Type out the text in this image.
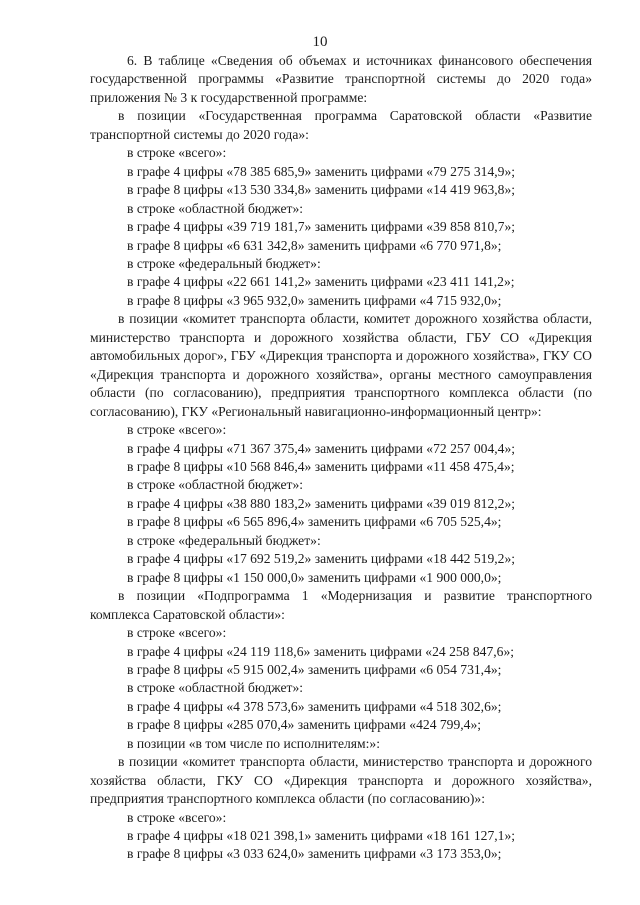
10

6. В таблице «Сведения об объемах и источниках финансового обеспечения государственной программы «Развитие транспортной системы до 2020 года» приложения № 3 к государственной программе:

в позиции «Государственная программа Саратовской области «Развитие транспортной системы до 2020 года»:

в строке «всего»:

в графе 4 цифры «78 385 685,9» заменить цифрами «79 275 314,9»;

в графе 8 цифры «13 530 334,8» заменить цифрами «14 419 963,8»;

в строке «областной бюджет»:

в графе 4 цифры «39 719 181,7» заменить цифрами «39 858 810,7»;

в графе 8 цифры «6 631 342,8» заменить цифрами «6 770 971,8»;

в строке «федеральный бюджет»:

в графе 4 цифры «22 661 141,2» заменить цифрами «23 411 141,2»;

в графе 8 цифры «3 965 932,0» заменить цифрами «4 715 932,0»;

в позиции «комитет транспорта области, комитет дорожного хозяйства области, министерство транспорта и дорожного хозяйства области, ГБУ СО «Дирекция автомобильных дорог», ГБУ «Дирекция транспорта и дорожного хозяйства», ГКУ СО «Дирекция транспорта и дорожного хозяйства», органы местного самоуправления области (по согласованию), предприятия транспортного комплекса области (по согласованию), ГКУ «Региональный навигационно-информационный центр»:

в строке «всего»:

в графе 4 цифры «71 367 375,4» заменить цифрами «72 257 004,4»;

в графе 8 цифры «10 568 846,4» заменить цифрами «11 458 475,4»;

в строке «областной бюджет»:

в графе 4 цифры «38 880 183,2» заменить цифрами «39 019 812,2»;

в графе 8 цифры «6 565 896,4» заменить цифрами «6 705 525,4»;

в строке «федеральный бюджет»:

в графе 4 цифры «17 692 519,2» заменить цифрами «18 442 519,2»;

в графе 8 цифры «1 150 000,0» заменить цифрами «1 900 000,0»;

в позиции «Подпрограмма 1 «Модернизация и развитие транспортного комплекса Саратовской области»:

в строке «всего»:

в графе 4 цифры «24 119 118,6» заменить цифрами «24 258 847,6»;

в графе 8 цифры «5 915 002,4» заменить цифрами «6 054 731,4»;

в строке «областной бюджет»:

в графе 4 цифры «4 378 573,6» заменить цифрами «4 518 302,6»;

в графе 8 цифры «285 070,4» заменить цифрами «424 799,4»;

в позиции «в том числе по исполнителям:»:

в позиции «комитет транспорта области, министерство транспорта и дорожного хозяйства области, ГКУ СО «Дирекция транспорта и дорожного хозяйства», предприятия транспортного комплекса области (по согласованию)»:

в строке «всего»:

в графе 4 цифры «18 021 398,1» заменить цифрами «18 161 127,1»;

в графе 8 цифры «3 033 624,0» заменить цифрами «3 173 353,0»;
